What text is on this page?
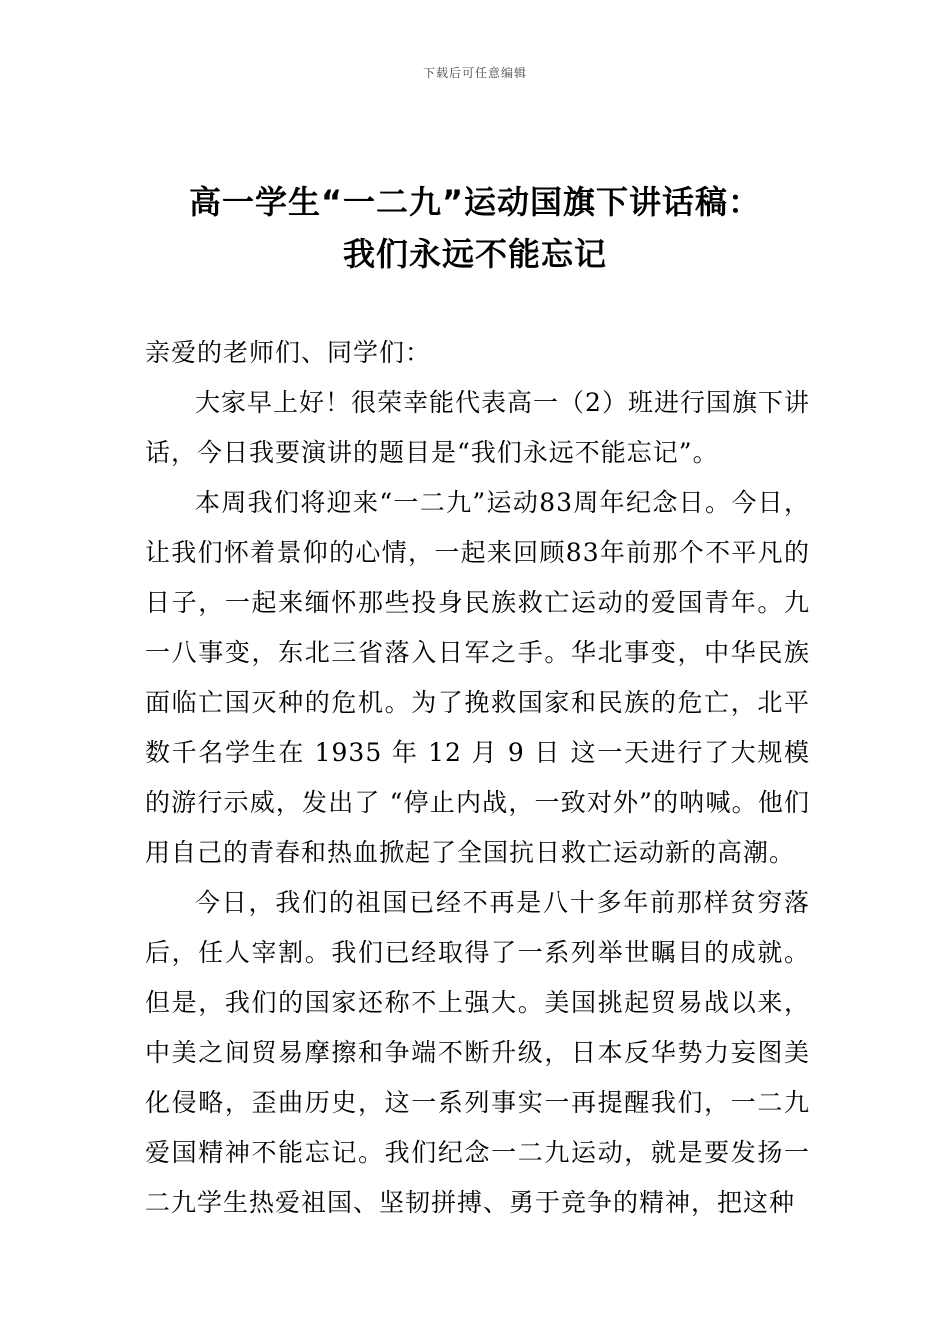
下载后可任意编辑
高一学生“一二九”运动国旗下讲话稿：
我们永远不能忘记

亲爱的老师们、同学们：

大家早上好！很荣幸能代表高一（2）班进行国旗下讲话，今日我要演讲的题目是“我们永远不能忘记”。

本周我们将迎来“一二九”运动83周年纪念日。今日，让我们怀着景仰的心情，一起来回顾83年前那个不平凡的日子，一起来缅怀那些投身民族救亡运动的爱国青年。九一八事变，东北三省落入日军之手。华北事变，中华民族面临亡国灭种的危机。为了挽救国家和民族的危亡，北平数千名学生在 1935 年 12 月 9 日 这一天进行了大规模的游行示威，发出了 “停止内战，一致对外”的呐喊。他们用自己的青春和热血掀起了全国抗日救亡运动新的高潮。

今日，我们的祖国已经不再是八十多年前那样贫穷落后，任人宰割。我们已经取得了一系列举世瞩目的成就。但是，我们的国家还称不上强大。美国挑起贸易战以来，中美之间贸易摩擦和争端不断升级，日本反华势力妄图美化侵略，歪曲历史，这一系列事实一再提醒我们，一二九爱国精神不能忘记。我们纪念一二九运动，就是要发扬一二九学生热爱祖国、坚韧拼搏、勇于竞争的精神，把这种
